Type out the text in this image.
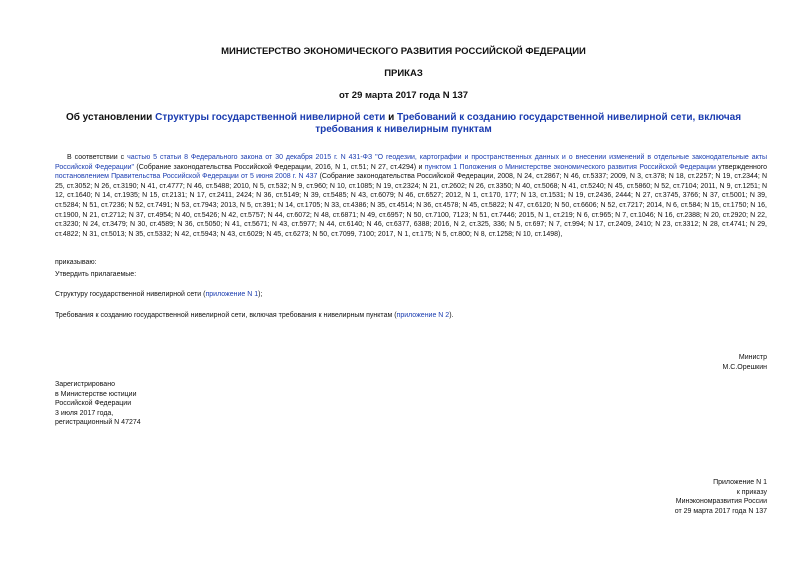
МИНИСТЕРСТВО ЭКОНОМИЧЕСКОГО РАЗВИТИЯ РОССИЙСКОЙ ФЕДЕРАЦИИ
ПРИКАЗ
от 29 марта 2017 года N 137
Об установлении Структуры государственной нивелирной сети и Требований к созданию государственной нивелирной сети, включая требования к нивелирным пунктам
В соответствии с частью 5 статьи 8 Федерального закона от 30 декабря 2015 г. N 431-ФЗ "О геодезии, картографии и пространственных данных и о внесении изменений в отдельные законодательные акты Российской Федерации" (Собрание законодательства Российской Федерации, 2016, N 1, ст.51; N 27, ст.4294) и пунктом 1 Положения о Министерстве экономического развития Российской Федерации утвержденного постановлением Правительства Российской Федерации от 5 июня 2008 г. N 437 (Собрание законодательства Российской Федерации, 2008, N 24, ст.2867; N 46, ст.5337; 2009, N 3, ст.378; N 18, ст.2257; N 19, ст.2344; N 25, ст.3052; N 26, ст.3190; N 41, ст.4777; N 46, ст.5488; 2010, N 5, ст.532; N 9, ст.960; N 10, ст.1085; N 19, ст.2324; N 21, ст.2602; N 26, ст.3350; N 40, ст.5068; N 41, ст.5240; N 45, ст.5860; N 52, ст.7104; 2011, N 9, ст.1251; N 12, ст.1640; N 14, ст.1935; N 15, ст.2131; N 17, ст.2411, 2424; N 36, ст.5149; N 39, ст.5485; N 43, ст.6079; N 46, ст.6527; 2012, N 1, ст.170, 177; N 13, ст.1531; N 19, ст.2436, 2444; N 27, ст.3745, 3766; N 37, ст.5001; N 39, ст.5284; N 51, ст.7236; N 52, ст.7491; N 53, ст.7943; 2013, N 5, ст.391; N 14, ст.1705; N 33, ст.4386; N 35, ст.4514; N 36, ст.4578; N 45, ст.5822; N 47, ст.6120; N 50, ст.6606; N 52, ст.7217; 2014, N 6, ст.584; N 15, ст.1750; N 16, ст.1900, N 21, ст.2712; N 37, ст.4954; N 40, ст.5426; N 42, ст.5757; N 44, ст.6072; N 48, ст.6871; N 49, ст.6957; N 50, ст.7100, 7123; N 51, ст.7446; 2015, N 1, ст.219; N 6, ст.965; N 7, ст.1046; N 16, ст.2388; N 20, ст.2920; N 22, ст.3230; N 24, ст.3479; N 30, ст.4589; N 36, ст.5050; N 41, ст.5671; N 43, ст.5977; N 44, ст.6140; N 46, ст.6377, 6388; 2016, N 2, ст.325, 336; N 5, ст.697; N 7, ст.994; N 17, ст.2409, 2410; N 23, ст.3312; N 28, ст.4741; N 29, ст.4822; N 31, ст.5013; N 35, ст.5332; N 42, ст.5943; N 43, ст.6029; N 45, ст.6273; N 50, ст.7099, 7100; 2017, N 1, ст.175; N 5, ст.800; N 8, ст.1258; N 10, ст.1498),
приказываю:
Утвердить прилагаемые:
Структуру государственной нивелирной сети (приложение N 1);
Требования к созданию государственной нивелирной сети, включая требования к нивелирным пунктам (приложение N 2).
Министр
М.С.Орешкин
Зарегистрировано
в Министерстве юстиции
Российской Федерации
3 июля 2017 года,
регистрационный N 47274
Приложение N 1
к приказу
Минэкономразвития России
от 29 марта 2017 года N 137
